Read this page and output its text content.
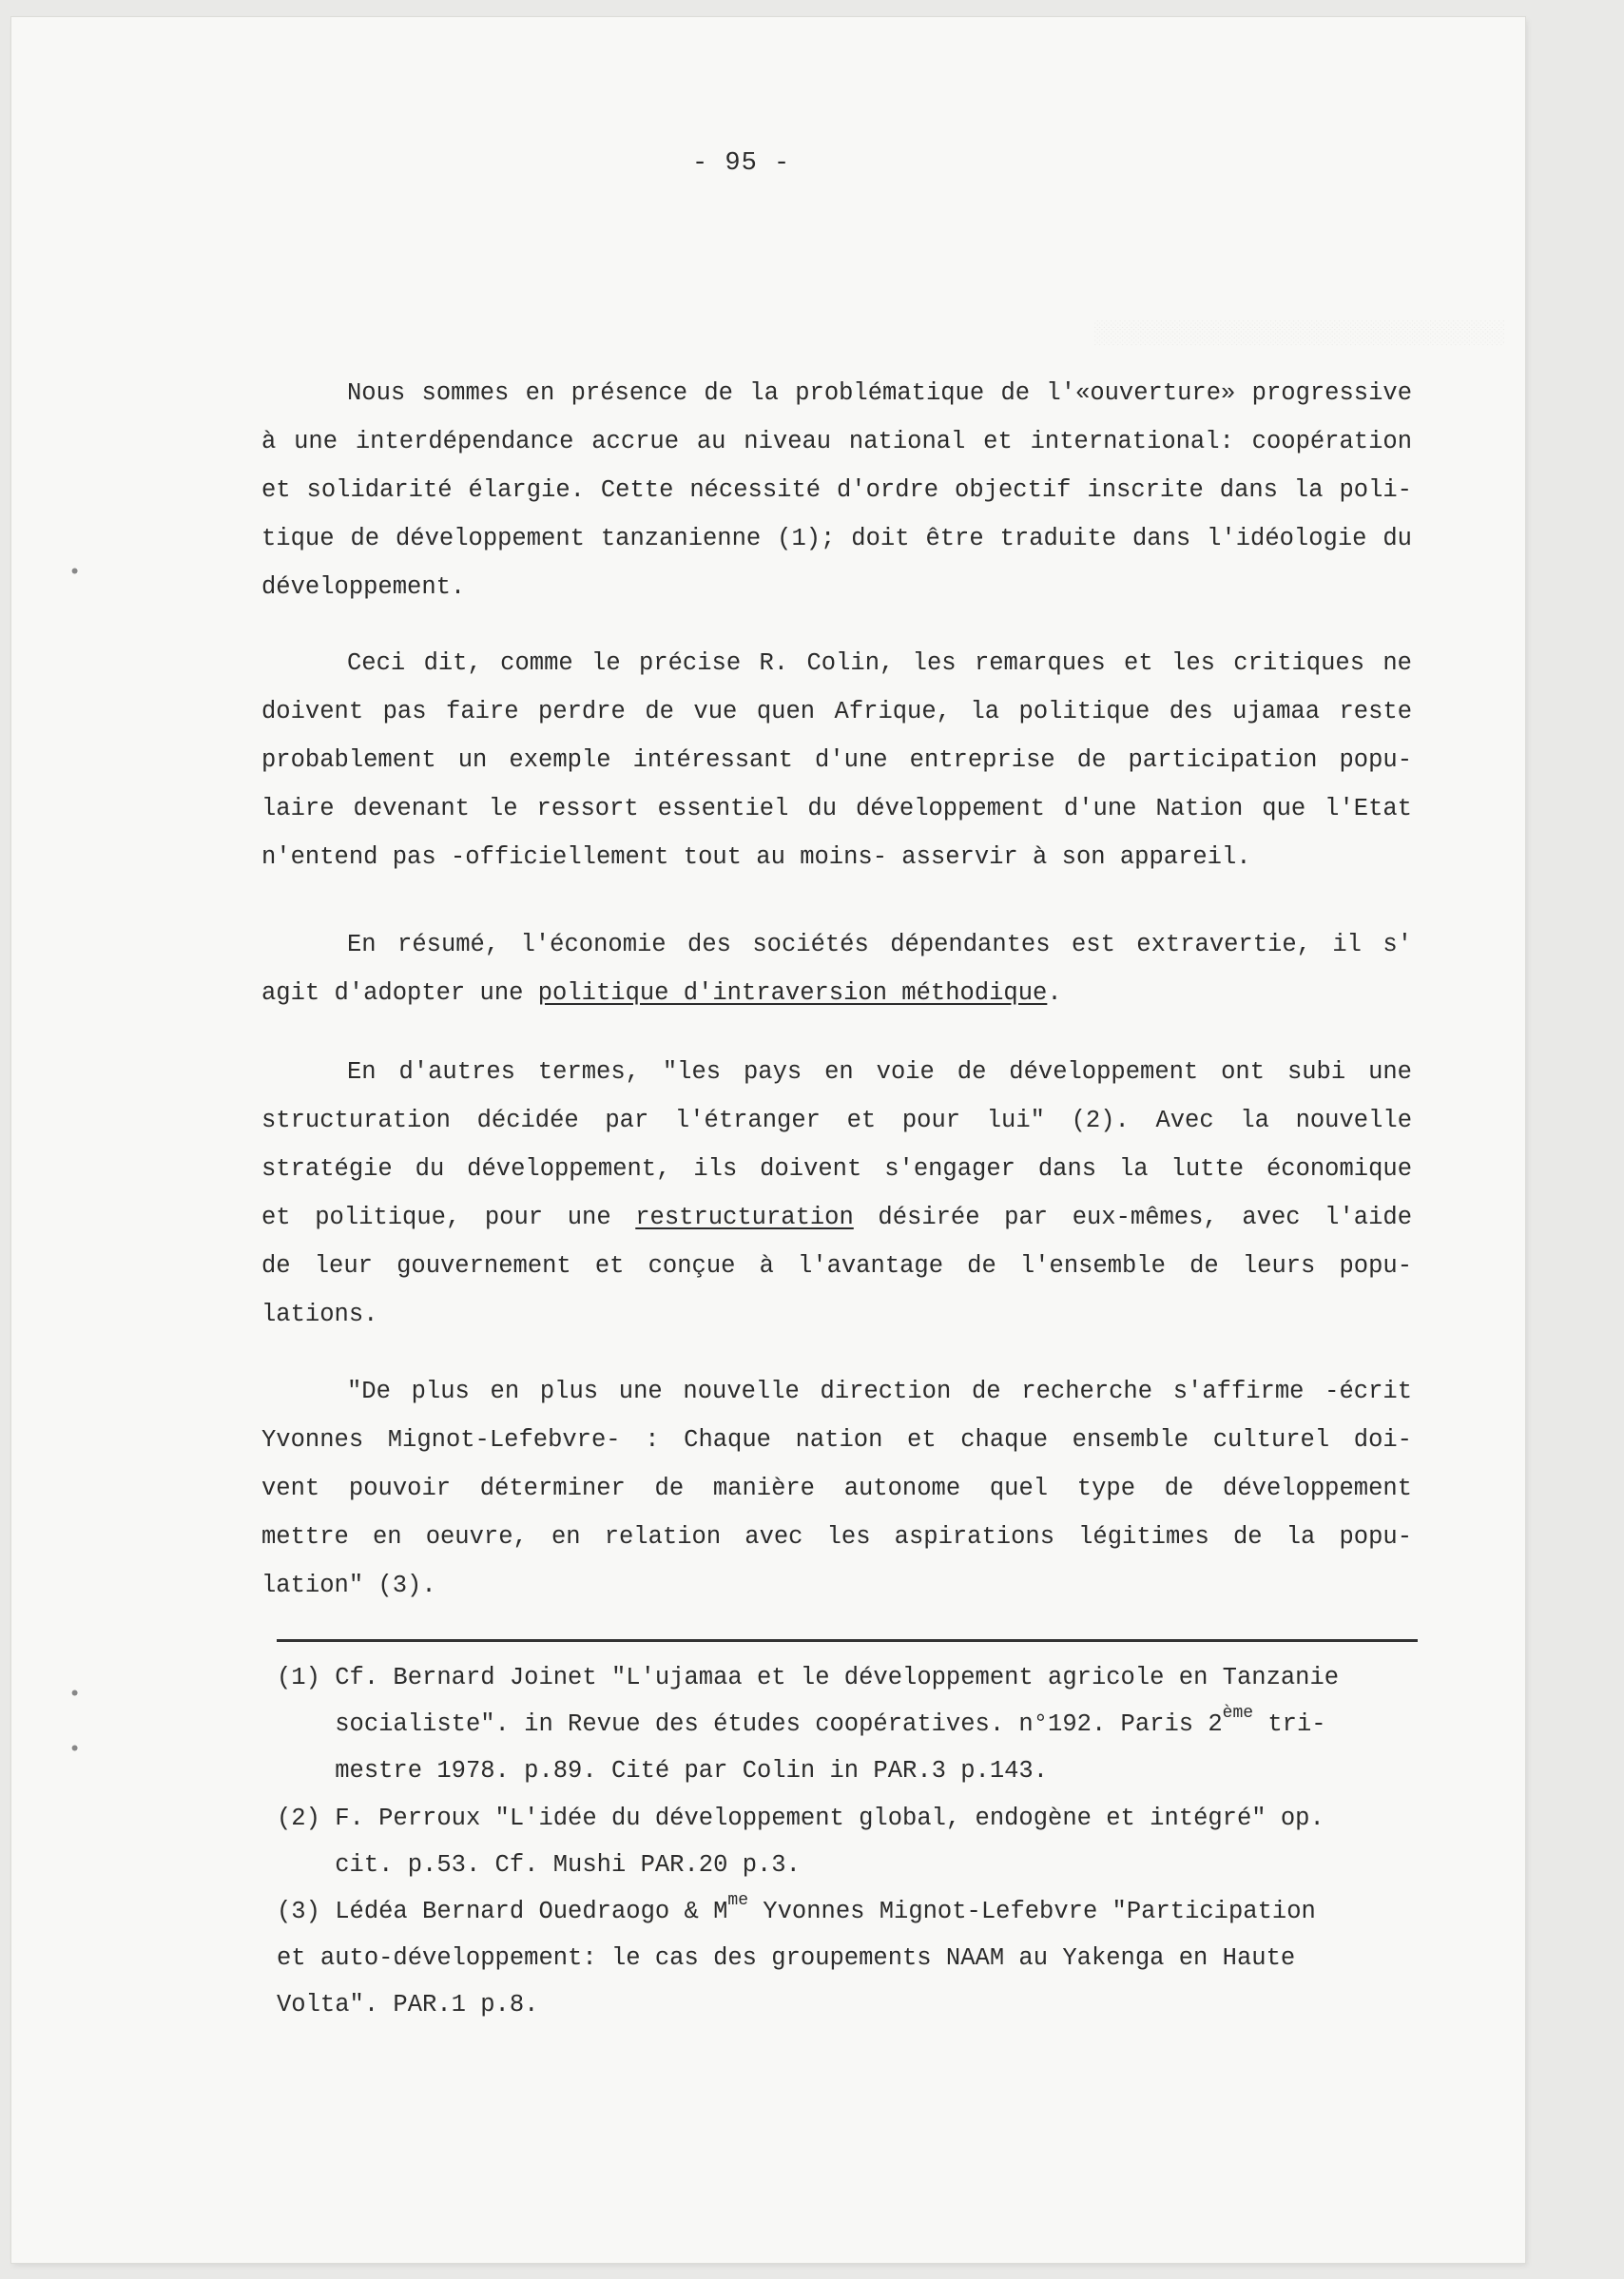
░░░░░░░░░░░░░░░░░░░░░░░░░░░░░░
•
•
•
- 95 -
Nous sommes en présence de la problématique de l'«ouverture» progressive
à une interdépendance accrue au niveau national et international: coopération
et solidarité élargie. Cette nécessité d'ordre objectif inscrite dans la poli-
tique de développement tanzanienne (1); doit être traduite dans l'idéologie du
développement.
Ceci dit, comme le précise R. Colin, les remarques et les critiques ne
doivent pas faire perdre de vue quen Afrique, la politique des ujamaa reste
probablement un exemple intéressant d'une entreprise de participation popu-
laire devenant le ressort essentiel du développement d'une Nation que l'Etat
n'entend pas -officiellement tout au moins- asservir à son appareil.
En résumé, l'économie des sociétés dépendantes est extravertie, il s'
agit d'adopter une politique d'intraversion méthodique.
En d'autres termes, "les pays en voie de développement ont subi une
structuration décidée par l'étranger et pour lui" (2). Avec la nouvelle
stratégie du développement, ils doivent s'engager dans la lutte économique
et politique, pour une restructuration désirée par eux-mêmes, avec l'aide
de leur gouvernement et conçue à l'avantage de l'ensemble de leurs popu-
lations.
"De plus en plus une nouvelle direction de recherche s'affirme -écrit
Yvonnes Mignot-Lefebvre- : Chaque nation et chaque ensemble culturel doi-
vent pouvoir déterminer de manière autonome quel type de développement
mettre en oeuvre, en relation avec les aspirations légitimes de la popu-
lation" (3).
(1) Cf. Bernard Joinet "L'ujamaa et le développement agricole en Tanzanie
socialiste". in Revue des études coopératives. n°192. Paris 2ème tri-
mestre 1978. p.89. Cité par Colin in PAR.3 p.143.
(2) F. Perroux "L'idée du développement global, endogène et intégré" op.
cit. p.53. Cf. Mushi PAR.20 p.3.
(3) Lédéa Bernard Ouedraogo & $M^{me}$ Yvonnes Mignot-Lefebvre "Participation
et auto-développement: le cas des groupements NAAM au Yakenga en Haute
Volta". PAR.1 p.8.
